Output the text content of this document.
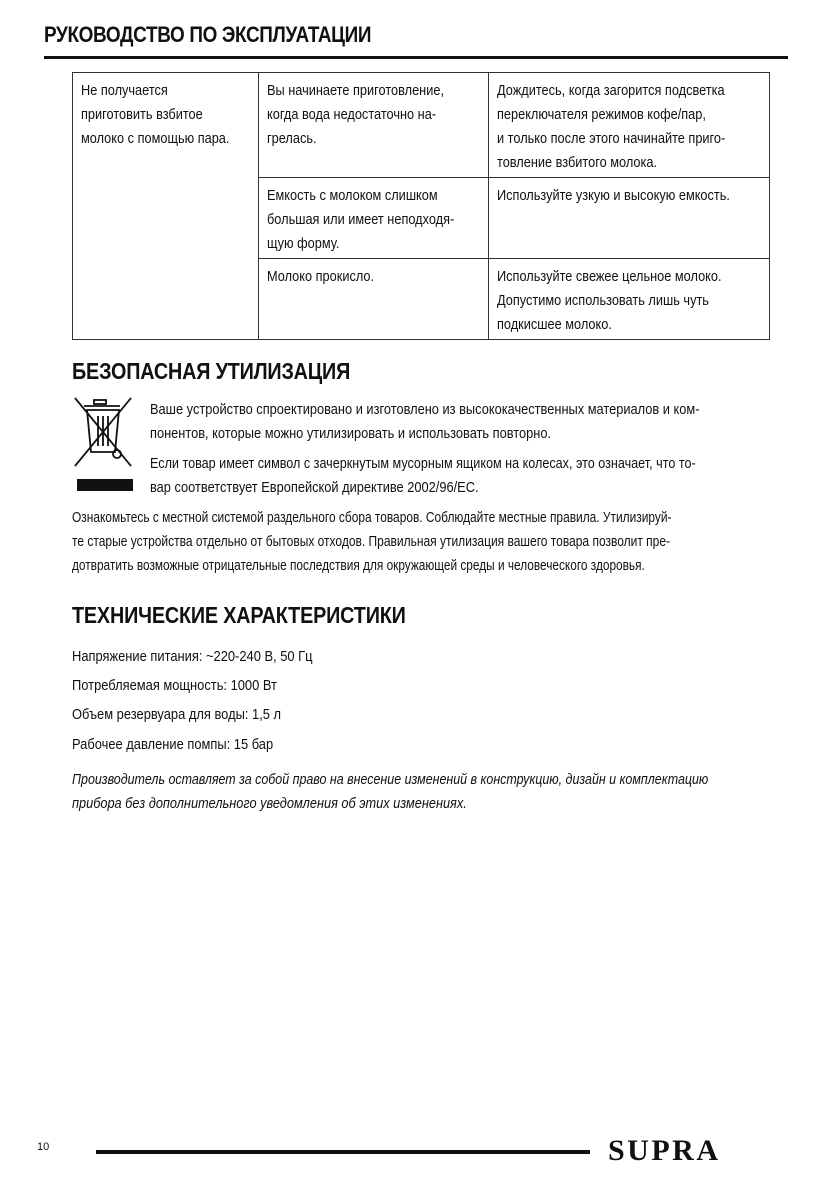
РУКОВОДСТВО ПО ЭКСПЛУАТАЦИИ
Не получается
приготовить взбитое
молоко с помощью пара.	Вы начинаете приготовление,
когда вода недостаточно на-
грелась.	Дождитесь, когда загорится подсветка
переключателя режимов кофе/пар,
и только после этого начинайте приго-
товление взбитого молока.

	Емкость с молоком слишком
большая или имеет неподходя-
щую форму.	Используйте узкую и высокую емкость.

	Молоко прокисло.	Используйте свежее цельное молоко.
Допустимо использовать лишь чуть
подкисшее молоко.
БЕЗОПАСНАЯ УТИЛИЗАЦИЯ
Ваше устройство спроектировано и изготовлено из высококачественных материалов и ком-
понентов, которые можно утилизировать и использовать повторно.
Если товар имеет символ с зачеркнутым мусорным ящиком на колесах, это означает, что то-
вар соответствует Европейской директиве 2002/96/ЕС.
Ознакомьтесь с местной системой раздельного сбора товаров. Соблюдайте местные правила. Утилизируй-
те старые устройства отдельно от бытовых отходов. Правильная утилизация вашего товара позволит пре-
дотвратить возможные отрицательные последствия для окружающей среды и человеческого здоровья.
ТЕХНИЧЕСКИЕ ХАРАКТЕРИСТИКИ
Напряжение питания: ~220-240 В, 50 Гц
Потребляемая мощность: 1000 Вт
Объем резервуара для воды: 1,5 л
Рабочее давление помпы: 15 бар
Производитель оставляет за собой право на внесение изменений в конструкцию, дизайн и комплектацию
прибора без дополнительного уведомления об этих изменениях.
10	SUPRA
